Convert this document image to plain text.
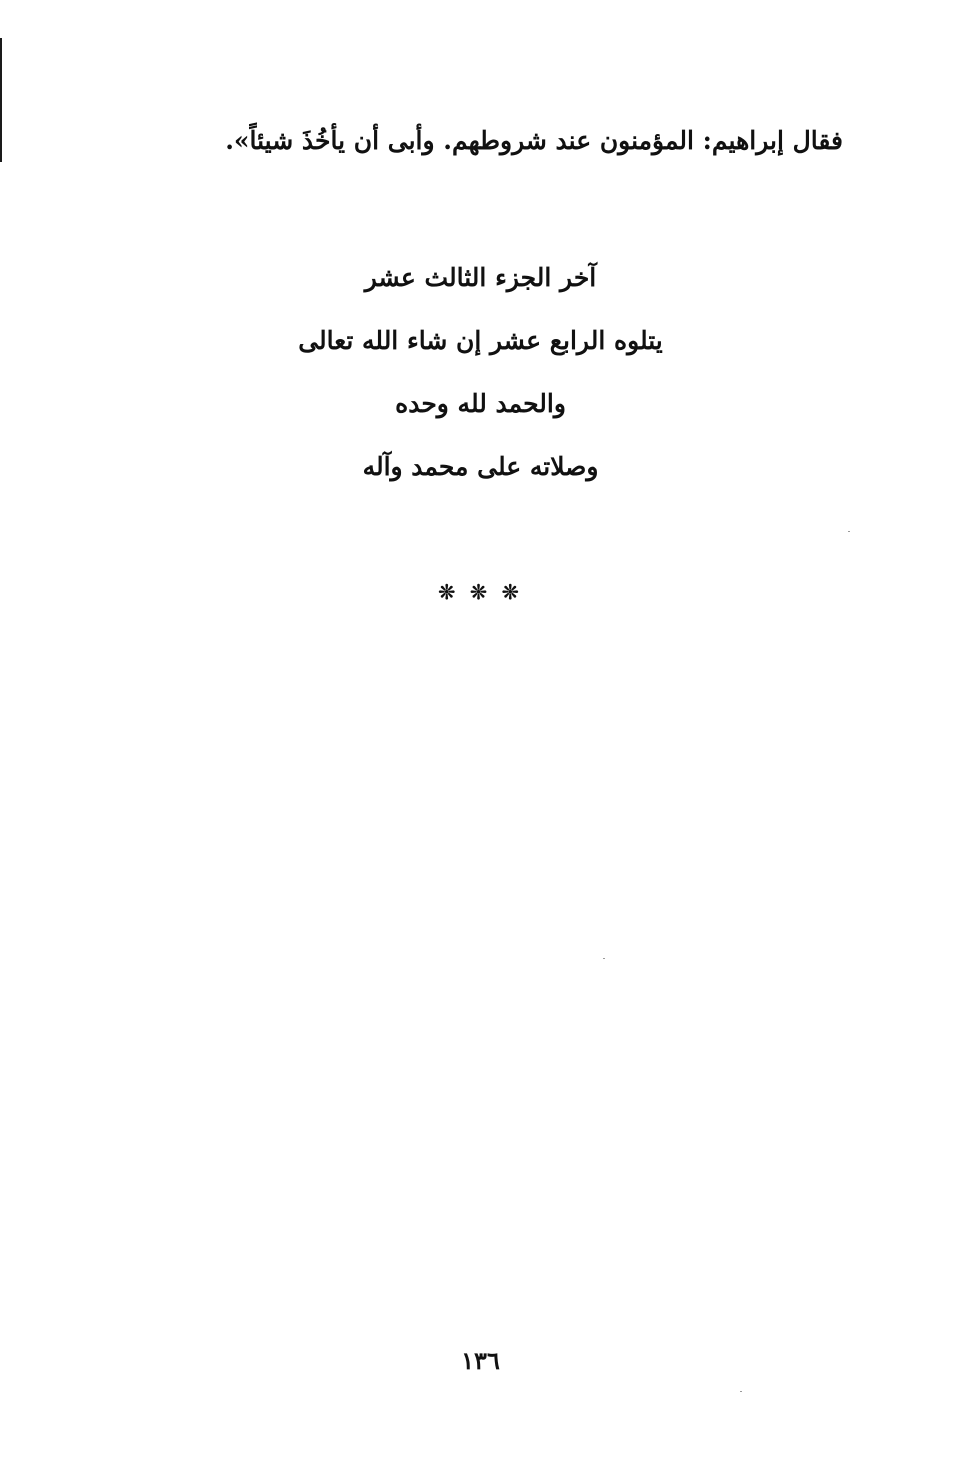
فقال إبراهيم: المؤمنون عند شروطهم. وأبى أن يأخُذَ شيئاً».
آخر الجزء الثالث عشر
يتلوه الرابع عشر إن شاء الله تعالى
والحمد لله وحده
وصلاته على محمد وآله
❊ ❊ ❊
١٣٦
